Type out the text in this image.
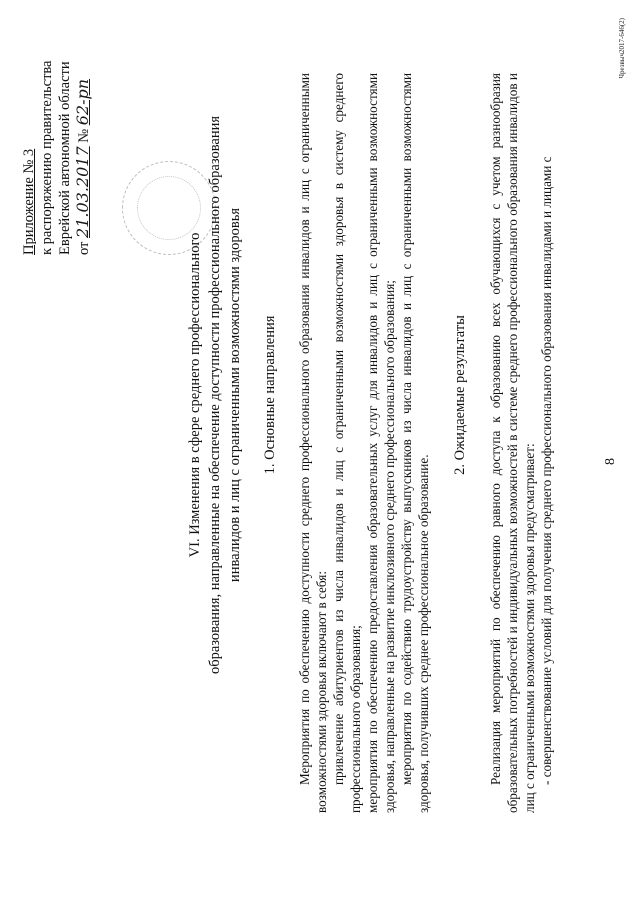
8
Приложение № 3 к распоряжению правительства Еврейской автономной области от 21.03.2017 № 62-рп
VI. Изменения в сфере среднего профессионального образования, направленные на обеспечение доступности профессионального образования инвалидов и лиц с ограниченными возможностями здоровья 1. Основные направления Мероприятия по обеспечению доступности среднего профессионального образования инвалидов и лиц с ограниченными возможностями здоровья включают в себя: привлечение абитуриентов из числа инвалидов и лиц с ограниченными возможностями здоровья в систему среднего профессионального образования; мероприятия по обеспечению предоставления образовательных услуг для инвалидов и лиц с ограниченными возможностями здоровья, направленные на развитие инклюзивного среднего профессионального образования; мероприятия по содействию трудоустройству выпускников из числа инвалидов и лиц с ограниченными возможностями здоровья, получивших среднее профессиональное образование.

2. Ожидаемые результаты Реализация мероприятий по обеспечению равного доступа к образованию всех обучающихся с учетом разнообразия образовательных потребностей и индивидуальных возможностей в системе среднего профессионального образования инвалидов и лиц с ограниченными возможностями здоровья предусматривает: - совершенствование условий для получения среднего профессионального образования инвалидами и лицами с

Чрезвыч2017-646(2)
